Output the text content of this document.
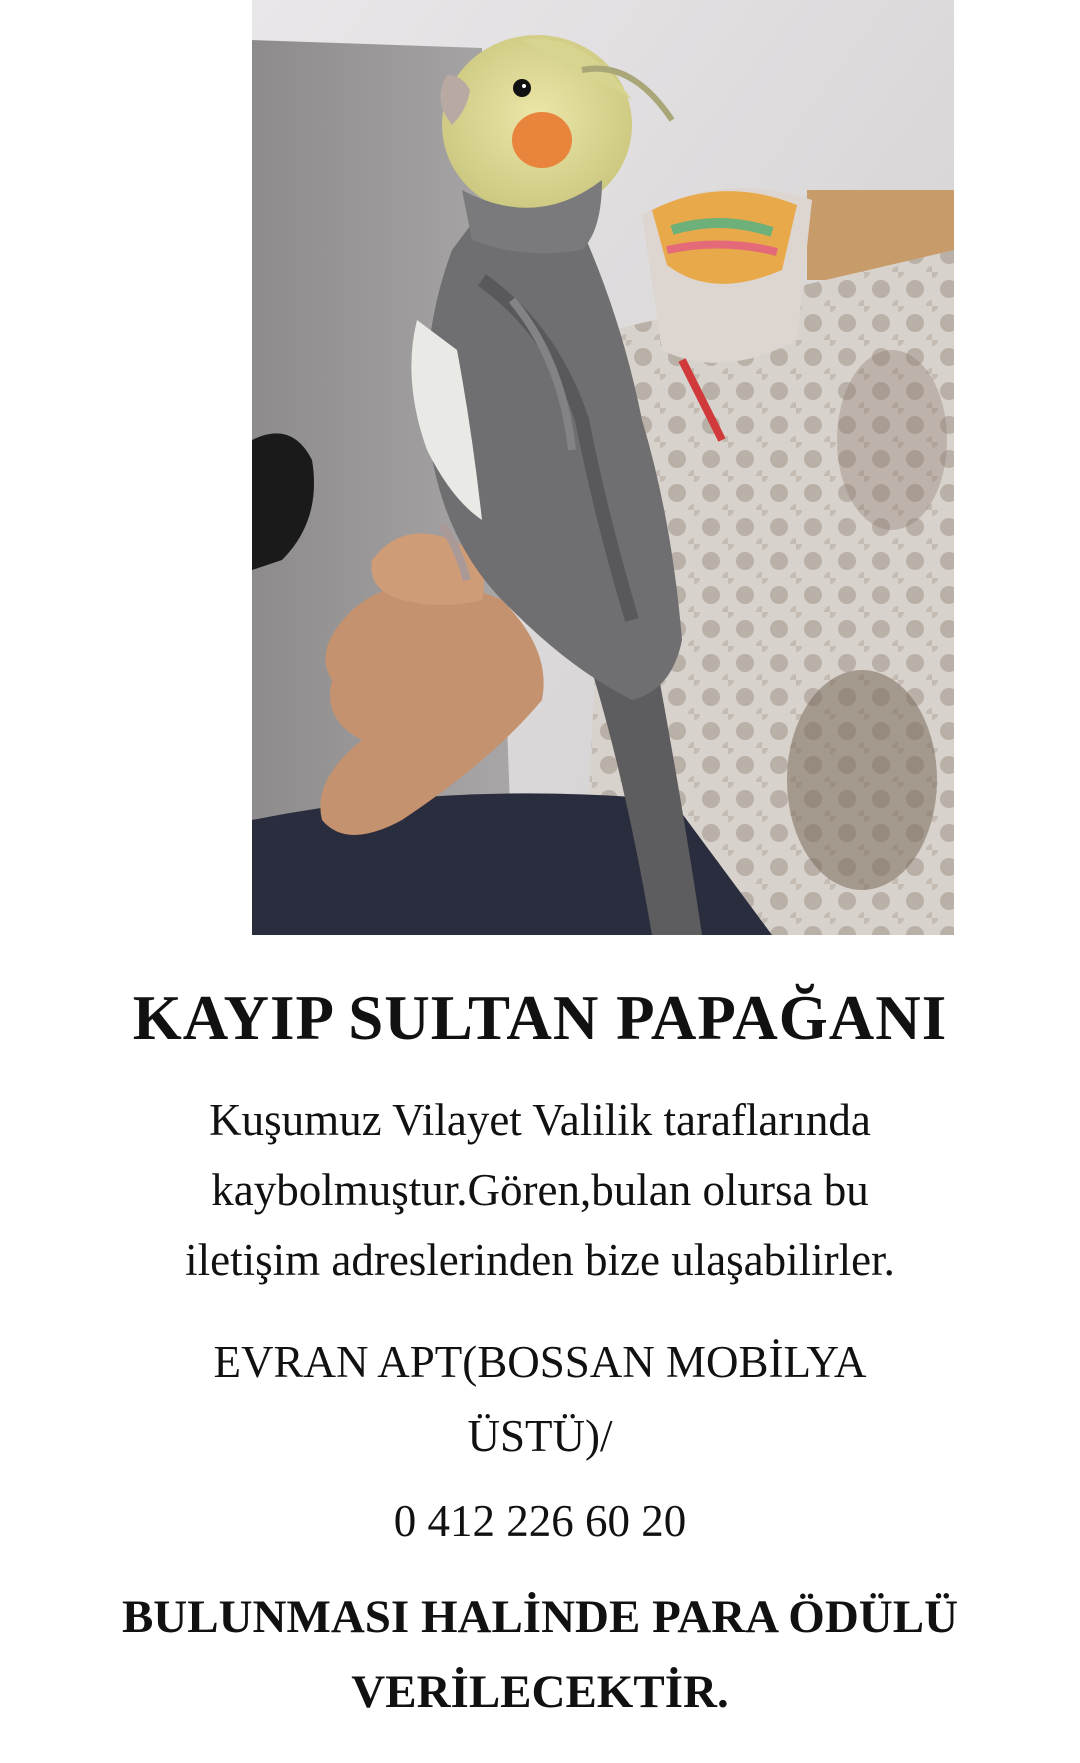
KAYIP SULTAN PAPAĞANI

Kuşumuz Vilayet Valilik taraflarında
kaybolmuştur.Gören,bulan olursa bu
iletişim adreslerinden bize ulaşabilirler.

EVRAN APT(BOSSAN MOBİLYA
ÜSTÜ)/

0 412 226 60 20

BULUNMASI HALİNDE PARA ÖDÜLÜ
VERİLECEKTİR.
